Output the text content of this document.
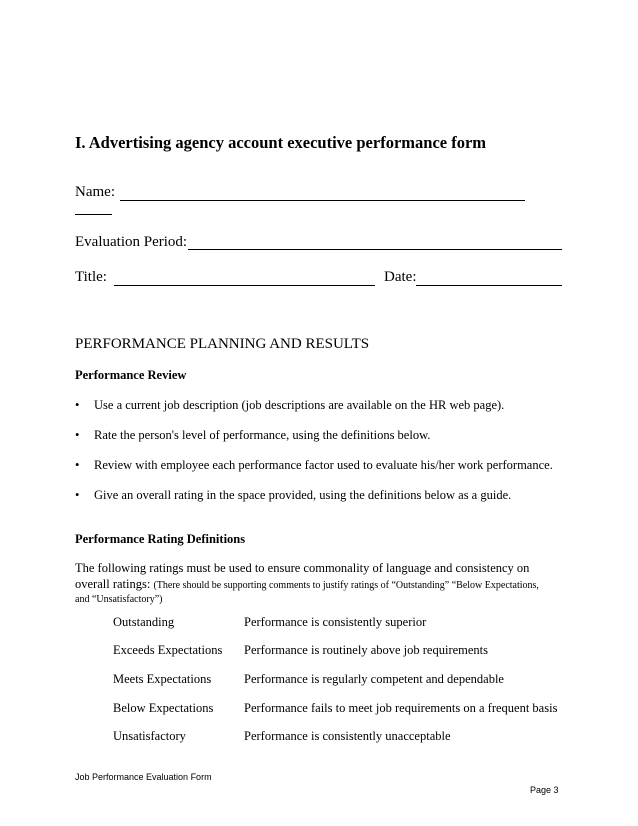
I. Advertising agency account executive performance form
Name:
Evaluation Period:
Title:	Date:
PERFORMANCE PLANNING AND RESULTS
Performance Review
• Use a current job description (job descriptions are available on the HR web page).
• Rate the person's level of performance, using the definitions below.
• Review with employee each performance factor used to evaluate his/her work performance.
• Give an overall rating in the space provided, using the definitions below as a guide.
Performance Rating Definitions
The following ratings must be used to ensure commonality of language and consistency on
overall ratings: (There should be supporting comments to justify ratings of “Outstanding” “Below Expectations,
and “Unsatisfactory”)
Outstanding	Performance is consistently superior
Exceeds Expectations Performance is routinely above job requirements
Meets Expectations	Performance is regularly competent and dependable
Below Expectations Performance fails to meet job requirements on a frequent basis
Unsatisfactory	Performance is consistently unacceptable
Job Performance Evaluation Form
Page 3
